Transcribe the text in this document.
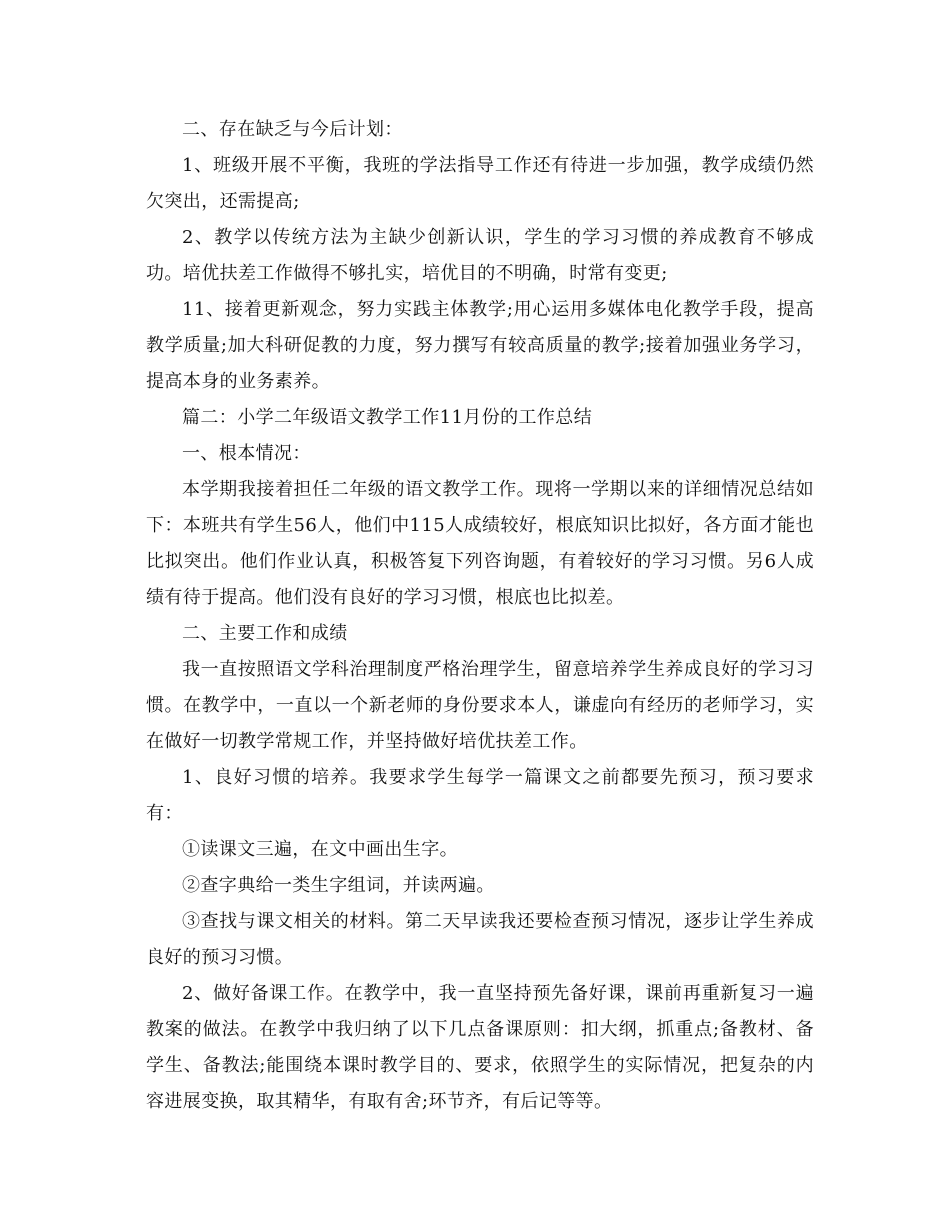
二、存在缺乏与今后计划：

1、班级开展不平衡，我班的学法指导工作还有待进一步加强，教学成绩仍然欠突出，还需提高;

2、教学以传统方法为主缺少创新认识，学生的学习习惯的养成教育不够成功。培优扶差工作做得不够扎实，培优目的不明确，时常有变更;

11、接着更新观念，努力实践主体教学;用心运用多媒体电化教学手段，提高教学质量;加大科研促教的力度，努力撰写有较高质量的教学;接着加强业务学习，提高本身的业务素养。

篇二：小学二年级语文教学工作11月份的工作总结

一、根本情况：

本学期我接着担任二年级的语文教学工作。现将一学期以来的详细情况总结如下：本班共有学生56人，他们中115人成绩较好，根底知识比拟好，各方面才能也比拟突出。他们作业认真，积极答复下列咨询题，有着较好的学习习惯。另6人成绩有待于提高。他们没有良好的学习习惯，根底也比拟差。

二、主要工作和成绩

我一直按照语文学科治理制度严格治理学生，留意培养学生养成良好的学习习惯。在教学中，一直以一个新老师的身份要求本人，谦虚向有经历的老师学习，实在做好一切教学常规工作，并坚持做好培优扶差工作。

1、良好习惯的培养。我要求学生每学一篇课文之前都要先预习，预习要求有：

①读课文三遍，在文中画出生字。

②查字典给一类生字组词，并读两遍。

③查找与课文相关的材料。第二天早读我还要检查预习情况，逐步让学生养成良好的预习习惯。

2、做好备课工作。在教学中，我一直坚持预先备好课，课前再重新复习一遍教案的做法。在教学中我归纳了以下几点备课原则：扣大纲，抓重点;备教材、备学生、备教法;能围绕本课时教学目的、要求，依照学生的实际情况，把复杂的内容进展变换，取其精华，有取有舍;环节齐，有后记等等。
